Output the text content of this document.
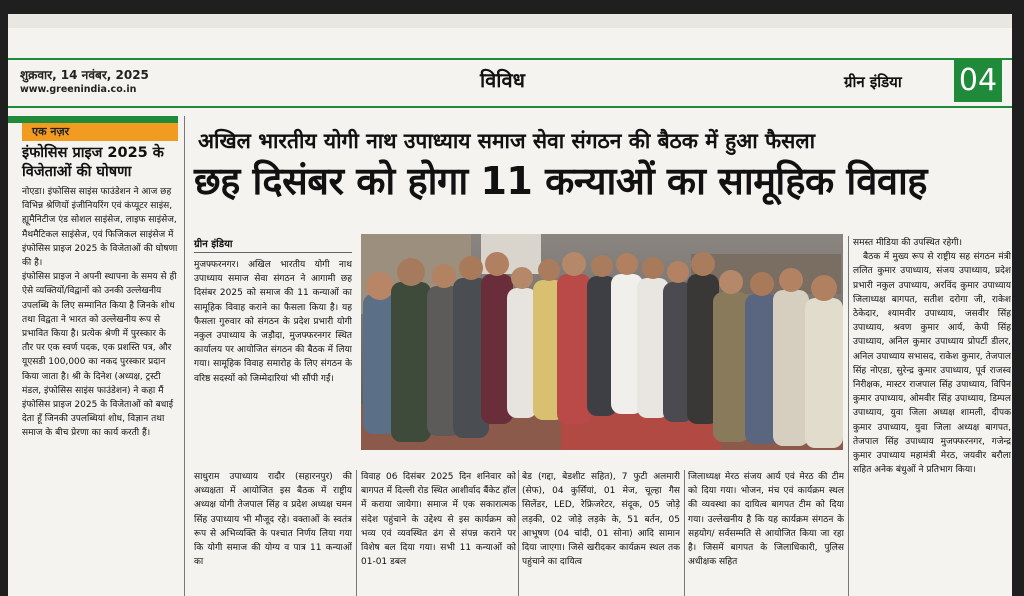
शुक्रवार, 14 नवंबर, 2025
www.greenindia.co.in	विविध	ग्रीन इंडिया 04
एक नज़र
इंफोसिस प्राइज 2025 के विजेताओं की घोषणा

नोएडा। इंफोसिस साइंस फाउंडेशन ने आज छह विभिन्न श्रेणियों इंजीनियरिंग एवं कंप्यूटर साइंस, ह्यूमैनिटीज एंड सोशल साइंसेज, लाइफ साइंसेज, मैथमैटिकल साइंसेज, एवं फिजिकल साइंसेज में इंफोसिस प्राइज 2025 के विजेताओं की घोषणा की है।

इंफोसिस प्राइज ने अपनी स्थापना के समय से ही ऐसे व्यक्तियों/विद्वानों को उनकी उल्लेखनीय उपलब्धि के लिए सम्मानित किया है जिनके शोध तथा विद्वता ने भारत को उल्लेखनीय रूप से प्रभावित किया है। प्रत्येक श्रेणी में पुरस्कार के तौर पर एक स्वर्ण पदक, एक प्रशस्ति पत्र, और यूएसडी 100,000 का नकद पुरस्कार प्रदान किया जाता है। श्री के दिनेश (अध्यक्ष, ट्रस्टी मंडल, इंफोसिस साइंस फाउंडेशन) ने कहा मैं इंफोसिस प्राइज 2025 के विजेताओं को बधाई देता हूँ जिनकी उपलब्धियां शोध, विज्ञान तथा समाज के बीच प्रेरणा का कार्य करती हैं।

अखिल भारतीय योगी नाथ उपाध्याय समाज सेवा संगठन की बैठक में हुआ फैसला
छह दिसंबर को होगा 11 कन्याओं का सामूहिक विवाह
ग्रीन इंडिया
मुजफ्फरनगर। अखिल भारतीय योगी नाथ उपाध्याय समाज सेवा संगठन ने आगामी छह दिसंबर 2025 को समाज की 11 कन्याओं का सामूहिक विवाह कराने का फैसला किया है। यह फैसला गुरुवार को संगठन के प्रदेश प्रभारी योगी नकुल उपाध्याय के जड़ौदा, मुजफ्फरनगर स्थित कार्यालय पर आयोजित संगठन की बैठक में लिया गया। सामूहिक विवाह समारोह के लिए संगठन के वरिष्ठ सदस्यों को जिम्मेदारियां भी सौंपी गईं।

समस्त मीडिया की उपस्थित रहेगी।

बैठक में मुख्य रूप से राष्ट्रीय सह संगठन मंत्री ललित कुमार उपाध्याय, संजय उपाध्याय, प्रदेश प्रभारी नकुल उपाध्याय, अरविंद कुमार उपाध्याय जिलाध्यक्ष बागपत, सतीश दरोगा जी, राकेश ठेकेदार, श्यामवीर उपाध्याय, जसवीर सिंह उपाध्याय, श्रवण कुमार आर्य, केपी सिंह उपाध्याय, अनिल कुमार उपाध्याय प्रोपर्टी डीलर, अनिल उपाध्याय सभासद, राकेश कुमार, तेजपाल सिंह नोएडा, सुरेन्द्र कुमार उपाध्याय, पूर्व राजस्व निरीक्षक, मास्टर राजपाल सिंह उपाध्याय, विपिन कुमार उपाध्याय, ओमवीर सिंह उपाध्याय, डिम्पल उपाध्याय, युवा जिला अध्यक्ष शामली, दीपक कुमार उपाध्याय, युवा जिला अध्यक्ष बागपत, तेजपाल सिंह उपाध्याय मुजफ्फरनगर, गजेन्द्र कुमार उपाध्याय महामंत्री मेरठ, जयवीर बरौला सहित अनेक बंधुओं ने प्रतिभाग किया।

साधुराम उपाध्याय रादौर (सहारनपुर) की अध्यक्षता में आयोजित इस बैठक में राष्ट्रीय अध्यक्ष योगी तेजपाल सिंह व प्रदेश अध्यक्ष चमन सिंह उपाध्याय भी मौजूद रहे। वक्ताओं के स्वतंत्र रूप से अभिव्यक्ति के पश्चात निर्णय लिया गया कि योगी समाज की योग्य व पात्र 11 कन्याओं का
विवाह 06 दिसंबर 2025 दिन शनिवार को बागपत में दिल्ली रोड स्थित आशीर्वाद बैंकेट हॉल में कराया जायेगा। समाज में एक सकारात्मक संदेश पहुंचाने के उद्देश्य से इस कार्यक्रम को भव्य एवं व्यवस्थित ढंग से संपन्न कराने पर विशेष बल दिया गया। सभी 11 कन्याओं को 01-01 डबल
बेड (गद्दा, बेडशीट सहित), 7 फुटी अलमारी (सेफ), 04 कुर्सियां, 01 मेज, चूल्हा गैस सिलेंडर, LED, रेफ्रिजरेटर, संदूक, 05 जोड़े लड़की, 02 जोड़े लड़के के, 51 बर्तन, 05 आभूषण (04 चांदी, 01 सोना) आदि सामान दिया जाएगा। जिसे खरीदकर कार्यक्रम स्थल तक पहुंचाने का दायित्व
जिलाध्यक्ष मेरठ संजय आर्य एवं मेरठ की टीम को दिया गया। भोजन, मंच एवं कार्यक्रम स्थल की व्यवस्था का दायित्व बागपत टीम को दिया गया। उल्लेखनीय है कि यह कार्यक्रम संगठन के सहयोग/ सर्वसम्मति से आयोजित किया जा रहा है। जिसमें बागपत के जिलाधिकारी, पुलिस अधीक्षक सहित
